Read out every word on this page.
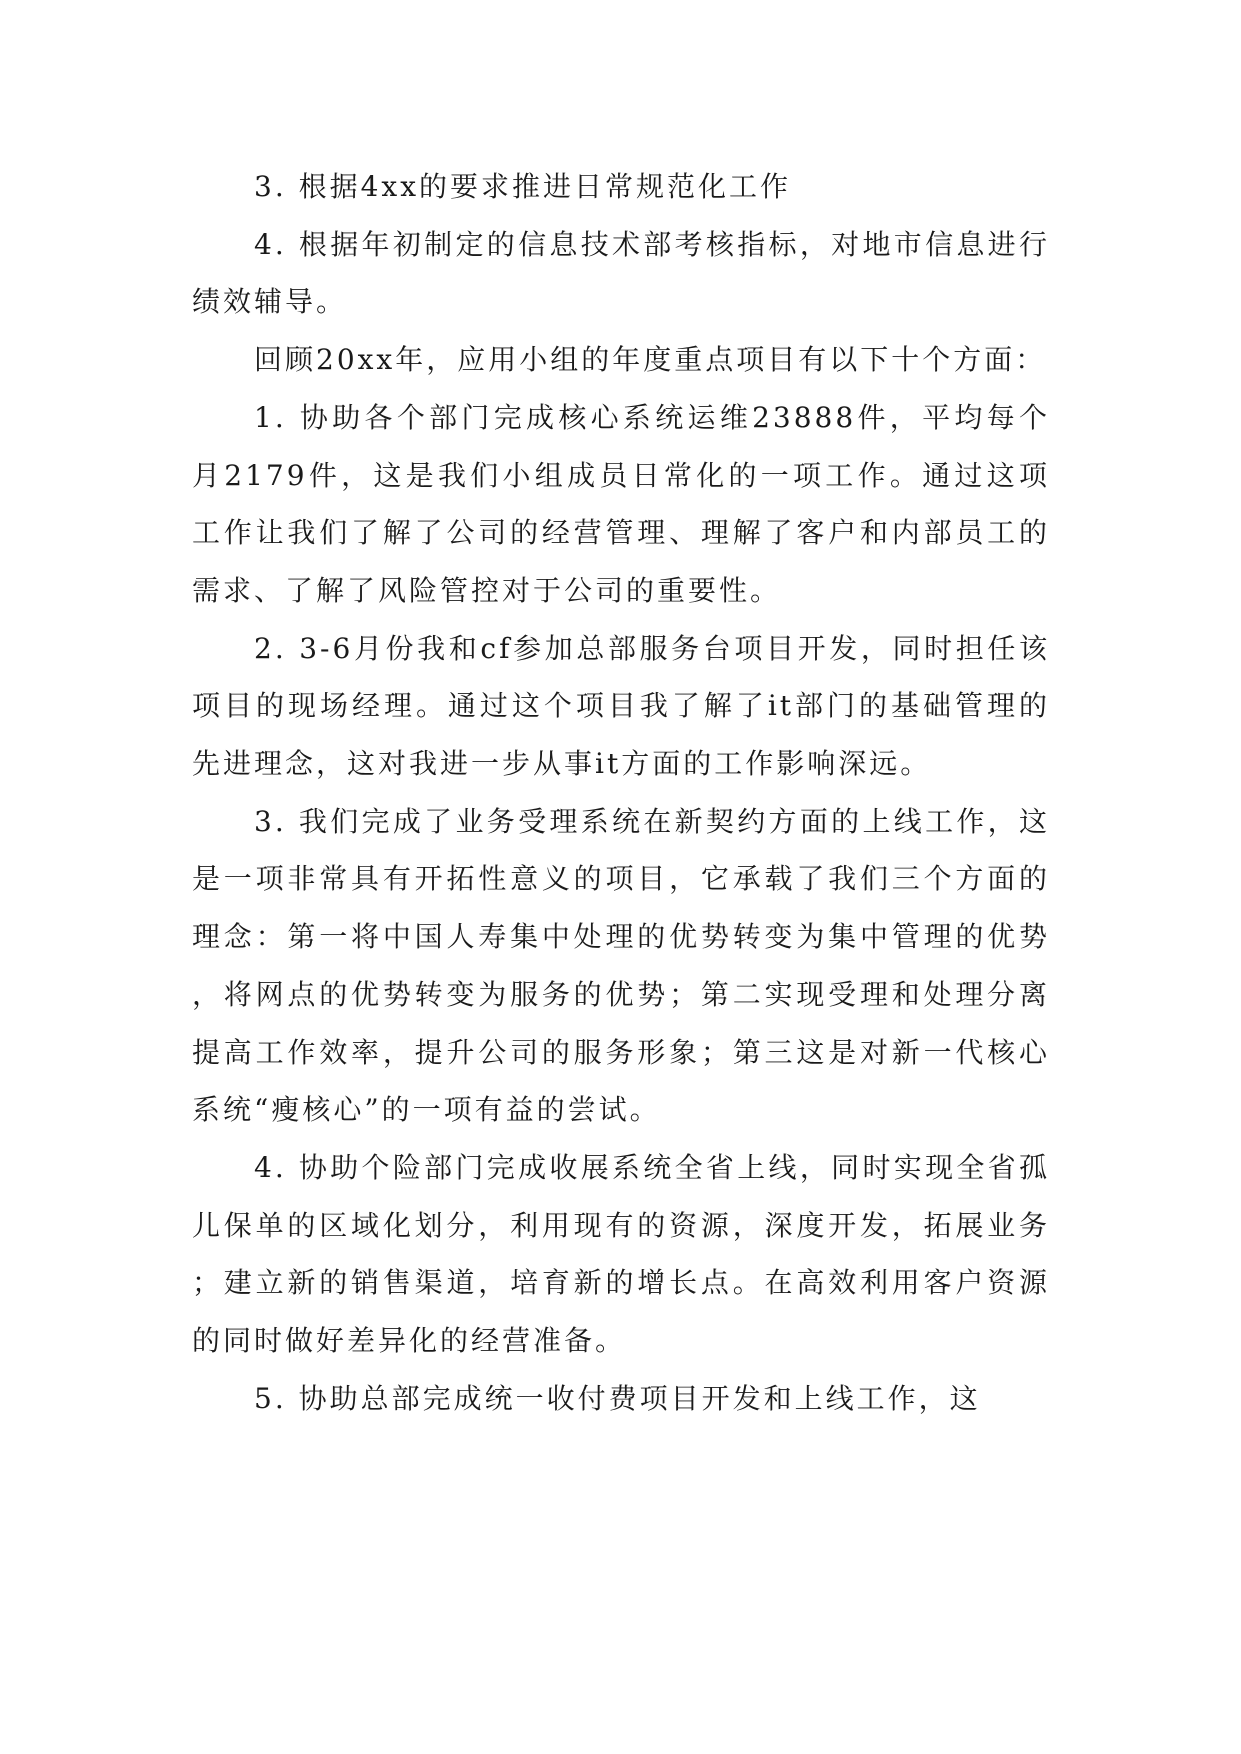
3. 根据4xx的要求推进日常规范化工作

4. 根据年初制定的信息技术部考核指标，对地市信息进行绩效辅导。

回顾20xx年，应用小组的年度重点项目有以下十个方面：

1. 协助各个部门完成核心系统运维23888件，平均每个月2179件，这是我们小组成员日常化的一项工作。通过这项工作让我们了解了公司的经营管理、理解了客户和内部员工的需求、了解了风险管控对于公司的重要性。

2. 3-6月份我和cf参加总部服务台项目开发，同时担任该项目的现场经理。通过这个项目我了解了it部门的基础管理的先进理念，这对我进一步从事it方面的工作影响深远。

3. 我们完成了业务受理系统在新契约方面的上线工作，这是一项非常具有开拓性意义的项目，它承载了我们三个方面的理念：第一将中国人寿集中处理的优势转变为集中管理的优势，将网点的优势转变为服务的优势；第二实现受理和处理分离提高工作效率，提升公司的服务形象；第三这是对新一代核心系统“瘦核心”的一项有益的尝试。

4. 协助个险部门完成收展系统全省上线，同时实现全省孤儿保单的区域化划分，利用现有的资源，深度开发，拓展业务；建立新的销售渠道，培育新的增长点。在高效利用客户资源的同时做好差异化的经营准备。

5. 协助总部完成统一收付费项目开发和上线工作，这
